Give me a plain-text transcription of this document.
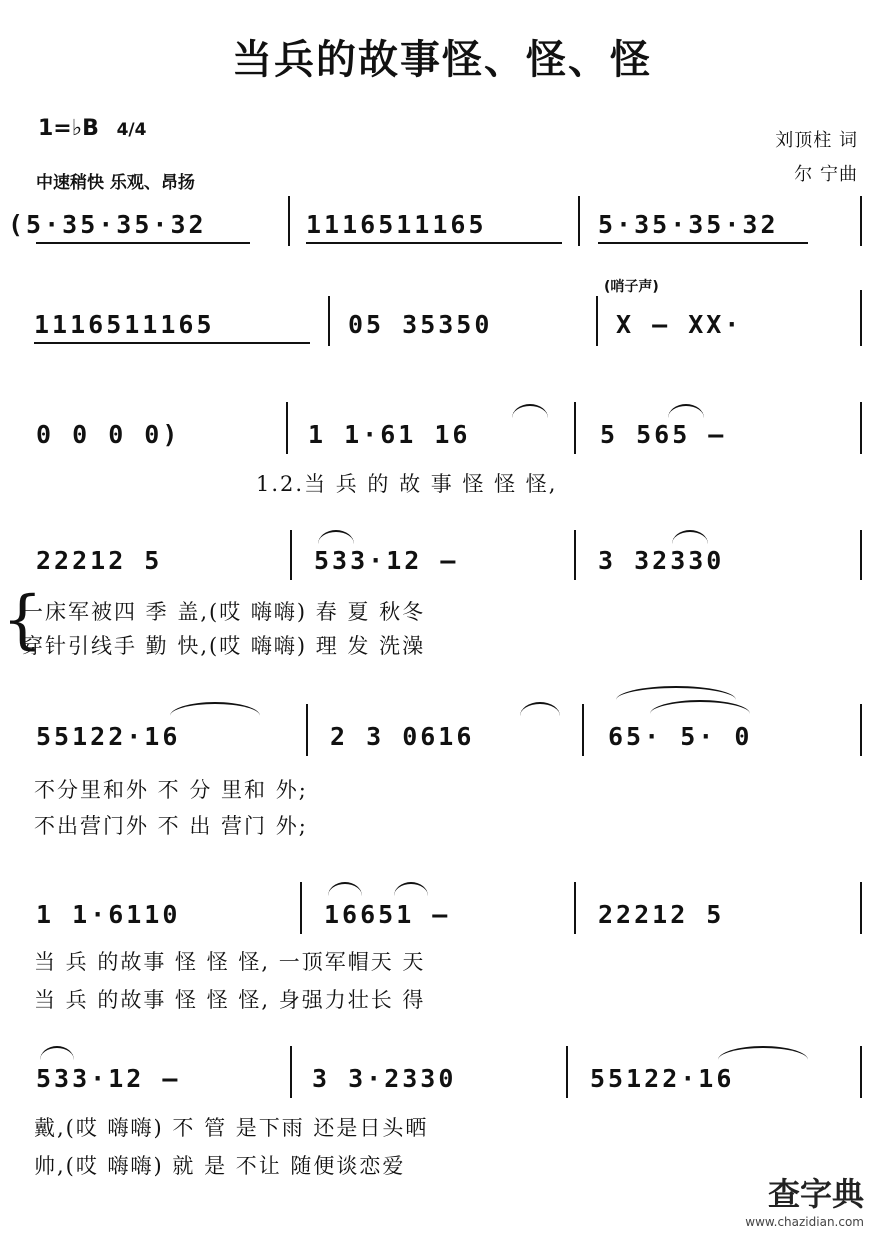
当兵的故事怪、怪、怪
1=♭B 4/4
中速稍快 乐观、昂扬
刘顶柱 词
尔 宁曲
(5·35·35·32	1116511165	5·35·35·32
(哨子声)
1116511165	05 35350	X – XX·
0 0 0 0)	1 1·61 16	5 565 –
1.2.当 兵 的 故 事 怪 怪 怪,
22212 5	533·12 –	3 32330
{
一床军被四 季 盖,(哎 嗨嗨) 春 夏 秋冬
穿针引线手 勤 快,(哎 嗨嗨) 理 发 洗澡
55122·16	2 3 0616	65· 5· 0
不分里和外 不 分 里和 外;
不出营门外 不 出 营门 外;
1 1·6110	16651 –	22212 5
当 兵 的故事 怪 怪 怪, 一顶军帽天 天
当 兵 的故事 怪 怪 怪, 身强力壮长 得
533·12 –	3 3·2330	55122·16
戴,(哎 嗨嗨) 不 管 是下雨 还是日头晒
帅,(哎 嗨嗨) 就 是 不让 随便谈恋爱
查字典
www.chazidian.com
